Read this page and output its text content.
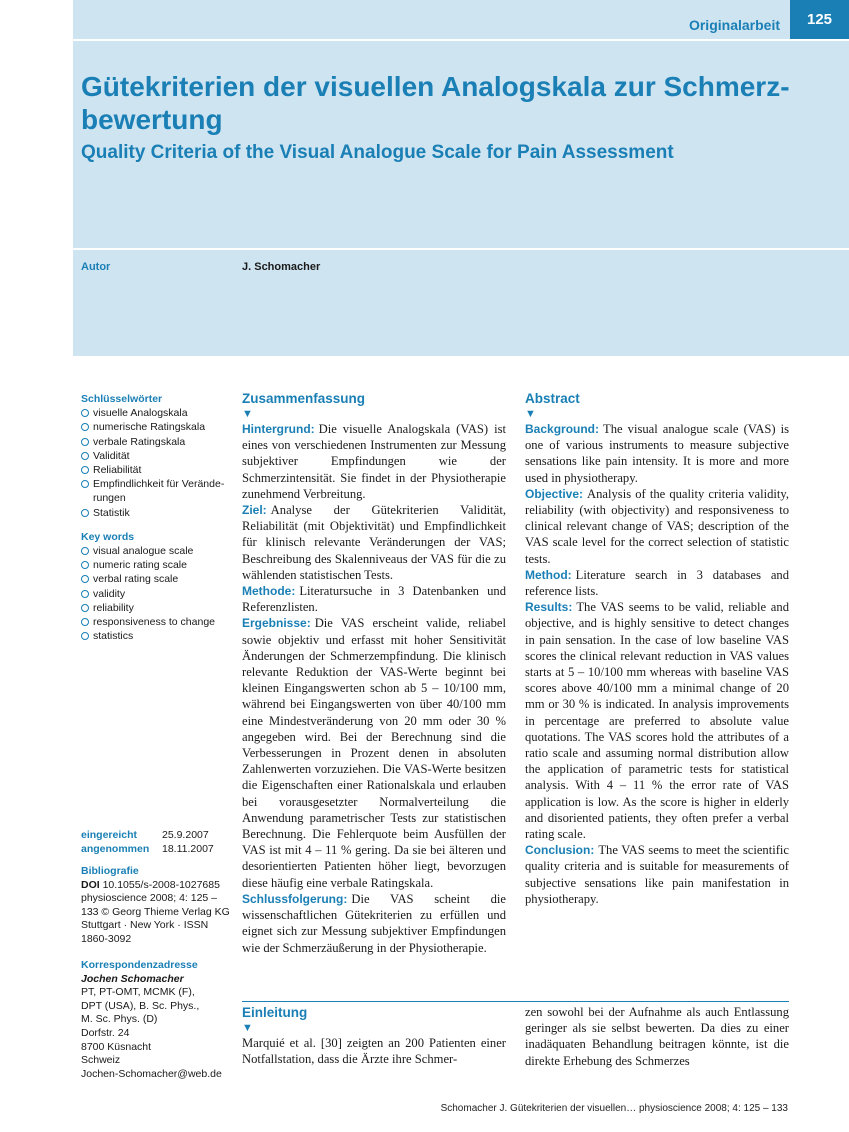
Originalarbeit	125
Gütekriterien der visuellen Analogskala zur Schmerz-bewertung
Quality Criteria of the Visual Analogue Scale for Pain Assessment
Autor	J. Schomacher
Schlüsselwörter
visuelle Analogskala
numerische Ratingskala
verbale Ratingskala
Validität
Reliabilität
Empfindlichkeit für Verände-rungen
Statistik
Key words
visual analogue scale
numeric rating scale
verbal rating scale
validity
reliability
responsiveness to change
statistics
eingereicht	25.9.2007
angenommen	18.11.2007
Bibliografie
DOI 10.1055/s-2008-1027685
physioscience 2008; 4: 125 – 133 © Georg Thieme Verlag KG Stuttgart · New York · ISSN 1860-3092
Korrespondenzadresse
Jochen Schomacher
PT, PT-OMT, MCMK (F),
DPT (USA), B. Sc. Phys.,
M. Sc. Phys. (D)
Dorfstr. 24
8700 Küsnacht
Schweiz
Jochen-Schomacher@web.de
Zusammenfassung
▼

Hintergrund: Die visuelle Analogskala (VAS) ist eines von verschiedenen Instrumenten zur Messung subjektiver Empfindungen wie der Schmerzintensität. Sie findet in der Physiotherapie zunehmend Verbreitung.

Ziel: Analyse der Gütekriterien Validität, Reliabilität (mit Objektivität) und Empfindlichkeit für klinisch relevante Veränderungen der VAS; Beschreibung des Skalenniveaus der VAS für die zu wählenden statistischen Tests.

Methode: Literatursuche in 3 Datenbanken und Referenzlisten.

Ergebnisse: Die VAS erscheint valide, reliabel sowie objektiv und erfasst mit hoher Sensitivität Änderungen der Schmerzempfindung. Die klinisch relevante Reduktion der VAS-Werte beginnt bei kleinen Eingangswerten schon ab 5 – 10/100 mm, während bei Eingangswerten von über 40/100 mm eine Mindestveränderung von 20 mm oder 30 % angegeben wird. Bei der Berechnung sind die Verbesserungen in Prozent denen in absoluten Zahlenwerten vorzuziehen. Die VAS-Werte besitzen die Eigenschaften einer Rationalskala und erlauben bei vorausgesetzter Normalverteilung die Anwendung parametrischer Tests zur statistischen Berechnung. Die Fehlerquote beim Ausfüllen der VAS ist mit 4 – 11 % gering. Da sie bei älteren und desorientierten Patienten höher liegt, bevorzugen diese häufig eine verbale Ratingskala.

Schlussfolgerung: Die VAS scheint die wissenschaftlichen Gütekriterien zu erfüllen und eignet sich zur Messung subjektiver Empfindungen wie der Schmerzäußerung in der Physiotherapie.

Abstract
▼

Background: The visual analogue scale (VAS) is one of various instruments to measure subjective sensations like pain intensity. It is more and more used in physiotherapy.

Objective: Analysis of the quality criteria validity, reliability (with objectivity) and responsiveness to clinical relevant change of VAS; description of the VAS scale level for the correct selection of statistic tests.

Method: Literature search in 3 databases and reference lists.

Results: The VAS seems to be valid, reliable and objective, and is highly sensitive to detect changes in pain sensation. In the case of low baseline VAS scores the clinical relevant reduction in VAS values starts at 5 – 10/100 mm whereas with baseline VAS scores above 40/100 mm a minimal change of 20 mm or 30 % is indicated. In analysis improvements in percentage are preferred to absolute value quotations. The VAS scores hold the attributes of a ratio scale and assuming normal distribution allow the application of parametric tests for statistical analysis. With 4 – 11 % the error rate of VAS application is low. As the score is higher in elderly and disoriented patients, they often prefer a verbal rating scale.

Conclusion: The VAS seems to meet the scientific quality criteria and is suitable for measurements of subjective sensations like pain manifestation in physiotherapy.

Einleitung
▼

Marquié et al. [30] zeigten an 200 Patienten einer Notfallstation, dass die Ärzte ihre Schmer-

zen sowohl bei der Aufnahme als auch Entlassung geringer als sie selbst bewerten. Da dies zu einer inadäquaten Behandlung beitragen könnte, ist die direkte Erhebung des Schmerzes

Schomacher J. Gütekriterien der visuellen… physioscience 2008; 4: 125 – 133
